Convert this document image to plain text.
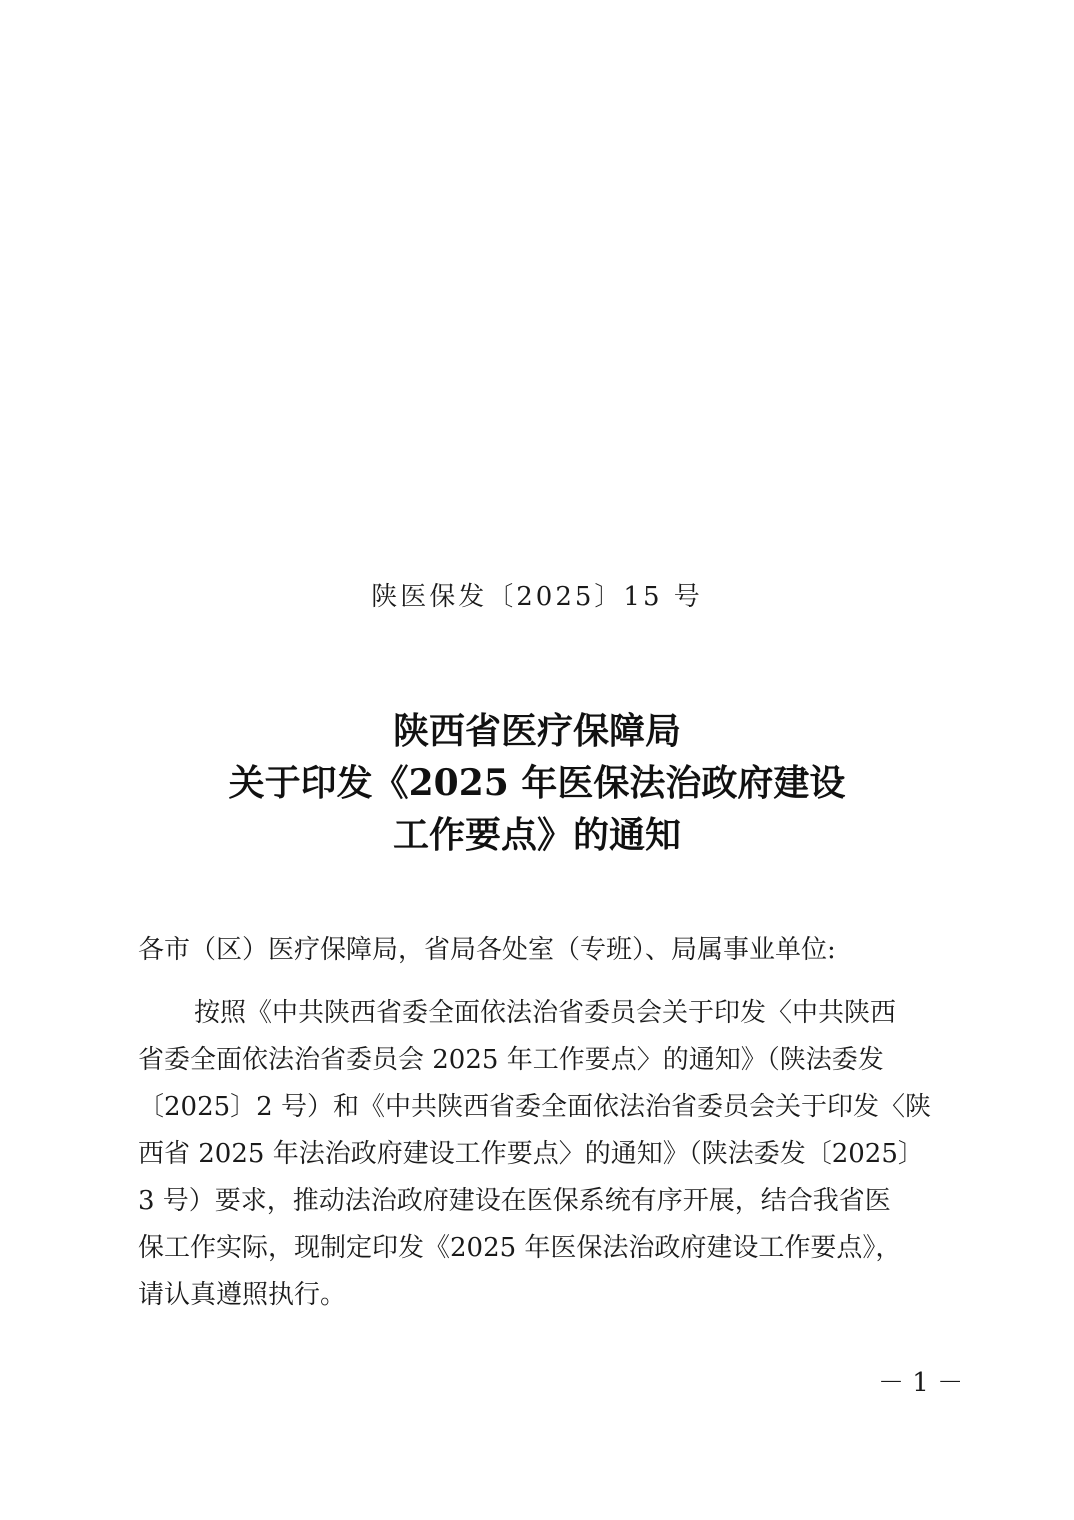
陕医保发〔2025〕15 号
陕西省医疗保障局
关于印发《2025 年医保法治政府建设
工作要点》的通知
各市（区）医疗保障局，省局各处室（专班）、局属事业单位:
按照《中共陕西省委全面依法治省委员会关于印发〈中共陕西
省委全面依法治省委员会 2025 年工作要点〉的通知》（陕法委发
〔2025〕2 号）和《中共陕西省委全面依法治省委员会关于印发〈陕
西省 2025 年法治政府建设工作要点〉的通知》（陕法委发〔2025〕
3 号）要求，推动法治政府建设在医保系统有序开展，结合我省医
保工作实际，现制定印发《2025 年医保法治政府建设工作要点》，
请认真遵照执行。
－ 1 －
